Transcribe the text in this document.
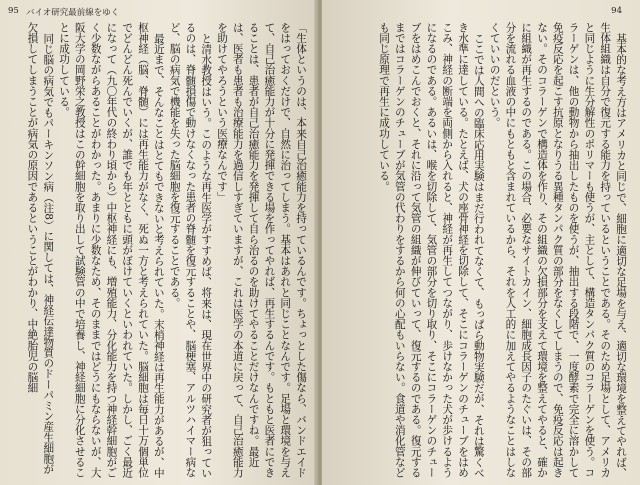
95 バイオ研究最前線をゆく

「生体というのは、本来自己治癒能力を持っているんです。ちょっとした傷なら、バンドエイドをはっておくだけで、自然に治ってしまう。基本はあれと同じことなんです。足場と環境を与えて、自己治癒能力が十分に発揮できる場を作ってやれば、再生するんです。もともと医者にできることは、患者が自己治癒能力を発揮して自ら治るのを助けてやることだけなんですね。最近は、医者も患者も治療能力を過信しすぎていますが、これは医学の本道に戻って、自己治癒能力を助けてやろうという医療なんです」

と清水教授はいう。このような再生医学がすすめば、将来は、現在世界中の研究者が狙っているのは、脊髄損傷で動けなくなった患者の脊髄を復元することや、脳梗塞、アルツハイマー病など、脳の病気で機能を失った脳細胞を復元することである。

最近まで、そんなことはとてもできないと考えられていた。末梢神経は再生能力があるが、中枢神経（脳、脊髄）には再生能力がなく、死ぬ一方と考えられていた。脳細胞は毎日十万個単位でどんどん死んでいくが、誰でも年とともに頭がぼけていくといわれていた。しかし、ごく最近になって（九〇年代の終わり頃から）中枢神経にも、増殖能力、分化能力を持つ神経幹細胞がごく少数ながらあることがわかった。あまりに少数なため、そのままではどうにもならないが、大阪大学の岡野栄之教授はこの幹細胞を取り出して試験管の中で培養し、神経細胞に分化させることに成功している。

同じ脳の病気でもパーキンソン病（注8）に関しては、神経伝達物質のドーパミン産生細胞が欠損してしまうことが病気の原因であるということがわかり、中絶胎児の脳細

94

基本的な考え方はアメリカと同じで、細胞に適切な足場を与え、適切な環境を整えてやれば、生体組織は自分で復元する能力を持っているということである。そのため足場として、アメリカと同じように生分解性のポリマーも使うが、主として、構造タンパク質のコラーゲンを使う。コラーゲンは、他の動物から抽出したものを使うが、抽出する段階で、一度酵素で完全に溶かして免疫反応を起こす抗原となりうる異種タンパク質の部分をなくしてしまうので、免疫反応は起きない。そのコラーゲンで構造体を作り、その組織の欠損部分を支えて環境を整えてやると、確かに組織が再生するのである。この場合、必要なサイトカイン、細胞成長因子のたぐいは、その部分を流れる血液の中にもともと含まれているから、それを人工的に加えてやるようなことはしなくていいのだという。

ここでは人間への臨床応用実験はまだ行われてなくて、もっぱら動物実験だが、それは驚くべき水準に達している。たとえば、犬の座骨神経を切除して、そこにコラーゲンのチューブをはめこみ、神経の断端を両側から入れると、神経が再生してつながり、歩けなかった犬が歩けるようになるのである。あるいは、喉を切除して、気管の部分を切り取り、そこにコラーゲンのチューブをはめこんでおくと、それに沿って気管の組織が伸びていって、復元するのである。復元するまではコラーゲンのチューブが気管の代わりをするから何の心配もいらない。食道や消化管なども同じ原理で再生に成功している。
